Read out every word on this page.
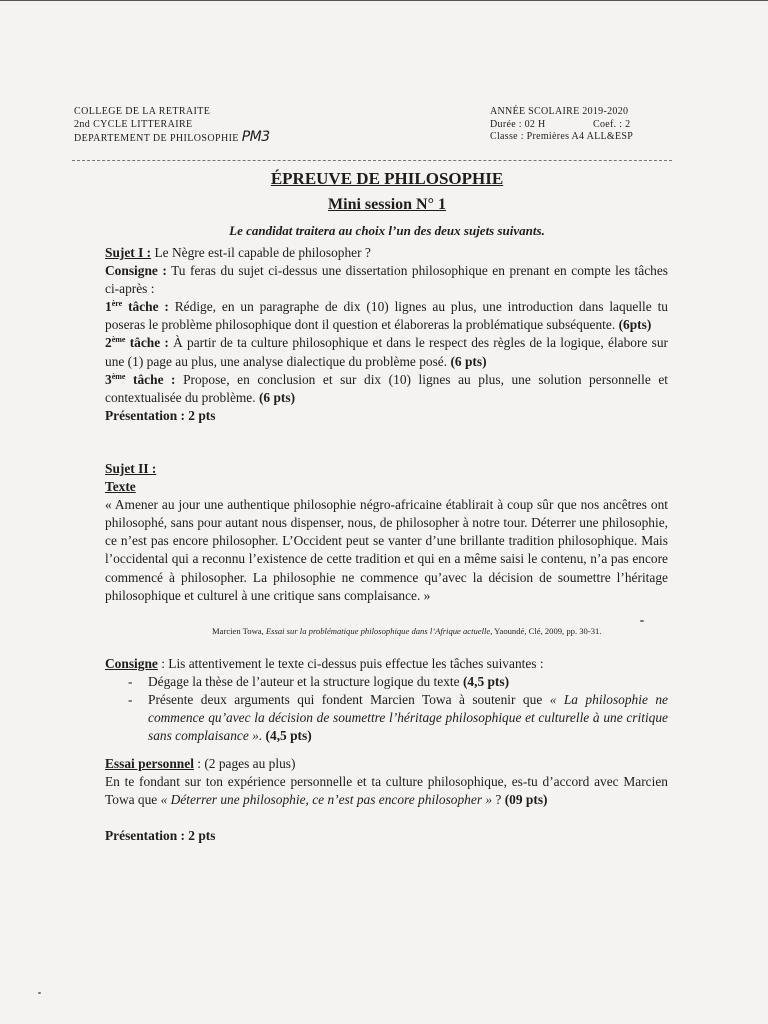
COLLEGE DE LA RETRAITE
2nd CYCLE LITTERAIRE
DEPARTEMENT DE PHILOSOPHIE PM3
ANNÉE SCOLAIRE 2019-2020
Durée : 02 H	Coef. : 2
Classe : Premières A4 ALL&ESP
ÉPREUVE DE PHILOSOPHIE
Mini session N° 1
Le candidat traitera au choix l’un des deux sujets suivants.
Sujet I : Le Nègre est-il capable de philosopher ?
Consigne : Tu feras du sujet ci-dessus une dissertation philosophique en prenant en compte les tâches ci-après :
1ère tâche : Rédige, en un paragraphe de dix (10) lignes au plus, une introduction dans laquelle tu poseras le problème philosophique dont il question et élaboreras la problématique subséquente. (6pts)
2ème tâche : À partir de ta culture philosophique et dans le respect des règles de la logique, élabore sur une (1) page au plus, une analyse dialectique du problème posé. (6 pts)
3ème tâche : Propose, en conclusion et sur dix (10) lignes au plus, une solution personnelle et contextualisée du problème. (6 pts)
Présentation : 2 pts
Sujet II :
Texte
« Amener au jour une authentique philosophie négro-africaine établirait à coup sûr que nos ancêtres ont philosophé, sans pour autant nous dispenser, nous, de philosopher à notre tour. Déterrer une philosophie, ce n’est pas encore philosopher. L’Occident peut se vanter d’une brillante tradition philosophique. Mais l’occidental qui a reconnu l’existence de cette tradition et qui en a même saisi le contenu, n’a pas encore commencé à philosopher. La philosophie ne commence qu’avec la décision de soumettre l’héritage philosophique et culturel à une critique sans complaisance. »
Marcien Towa, Essai sur la problématique philosophique dans l’Afrique actuelle, Yaoundé, Clé, 2009, pp. 30-31.
Consigne : Lis attentivement le texte ci-dessus puis effectue les tâches suivantes :
- Dégage la thèse de l’auteur et la structure logique du texte (4,5 pts)
- Présente deux arguments qui fondent Marcien Towa à soutenir que « La philosophie ne commence qu’avec la décision de soumettre l’héritage philosophique et culturelle à une critique sans complaisance ». (4,5 pts)
Essai personnel : (2 pages au plus)
En te fondant sur ton expérience personnelle et ta culture philosophique, es-tu d’accord avec Marcien Towa que « Déterrer une philosophie, ce n’est pas encore philosopher » ? (09 pts)
Présentation : 2 pts
